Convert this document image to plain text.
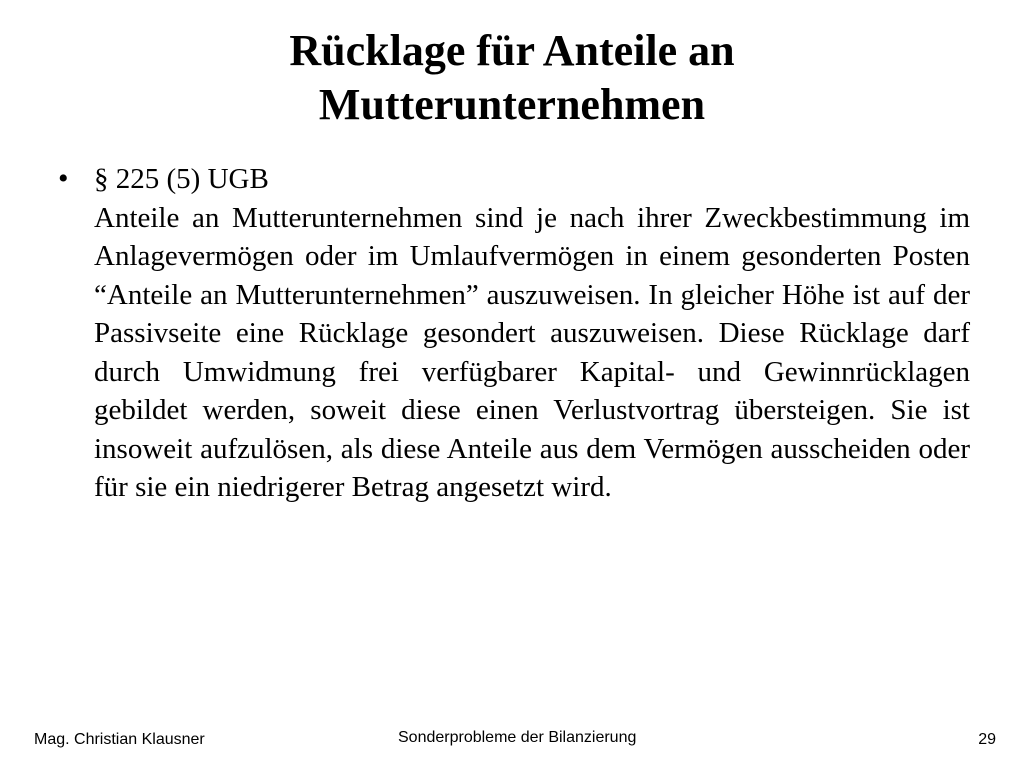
Rücklage für Anteile an
Mutterunternehmen
• § 225 (5) UGB

Anteile an Mutterunternehmen sind je nach ihrer Zweckbestimmung im Anlagevermögen oder im Umlaufvermögen in einem gesonderten Posten “Anteile an Mutterunternehmen” auszuweisen. In gleicher Höhe ist auf der Passivseite eine Rücklage gesondert auszuweisen. Diese Rücklage darf durch Umwidmung frei verfügbarer Kapital- und Gewinnrücklagen gebildet werden, soweit diese einen Verlustvortrag übersteigen. Sie ist insoweit aufzulösen, als diese Anteile aus dem Vermögen ausscheiden oder für sie ein niedrigerer Betrag angesetzt wird.

Mag. Christian Klausner	Sonderprobleme der Bilanzierung	29
